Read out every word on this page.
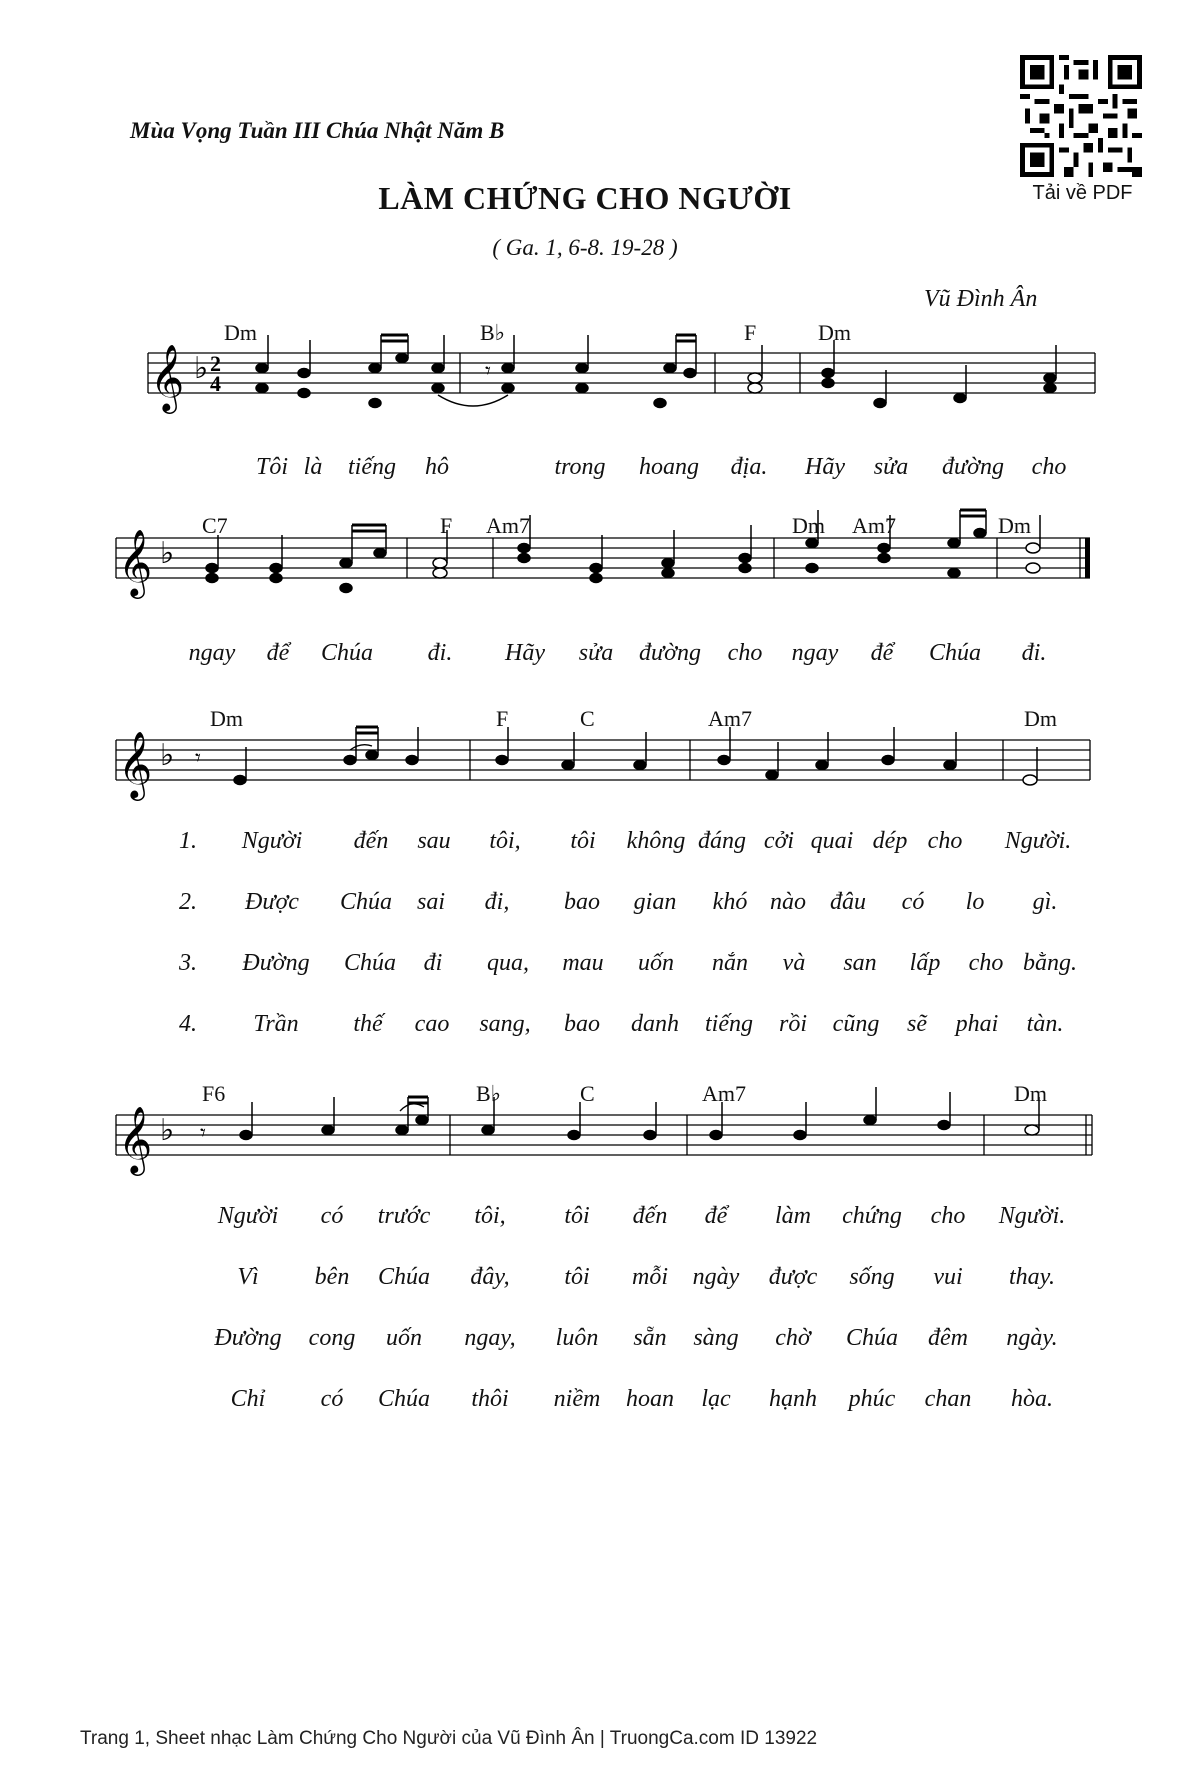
Mùa Vọng Tuần III Chúa Nhật Năm B
LÀM CHỨNG CHO NGƯỜI
( Ga. 1, 6-8. 19-28 )
Vũ Đình Ân
Tải về PDF
𝄞 ♭ 2
4
𝄾
Dm	B♭	F	Dm
Tôi là tiếng hô	trong hoang địa. Hãy sửa đường cho
𝄞 ♭
C7	F Am7	Dm Am7	Dm
ngay để Chúa đi. Hãy sửa đường cho ngay để Chúa đi.
𝄞 ♭ 𝄾
Dm	F	C	Am7	Dm
1. Người đến sau tôi, tôi không đáng cởi quai dép cho Người.
2. Được Chúa sai đi, bao gian khó nào đâu có lo gì.
3. Đường Chúa đi qua, mau uốn nắn và san lấp cho bằng.
4. Trần thế cao sang, bao danh tiếng rồi cũng sẽ phai tàn.
𝄞 ♭ 𝄾
F6	B♭	C	Am7	Dm
Người có trước tôi, tôi đến để làm chứng cho Người.
Vì bên Chúa đây, tôi mỗi ngày được sống vui thay.
Đường cong uốn ngay, luôn sẵn sàng chờ Chúa đêm ngày.
Chỉ có Chúa thôi niềm hoan lạc hạnh phúc chan hòa.
Trang 1, Sheet nhạc Làm Chứng Cho Người của Vũ Đình Ân | TruongCa.com ID 13922
